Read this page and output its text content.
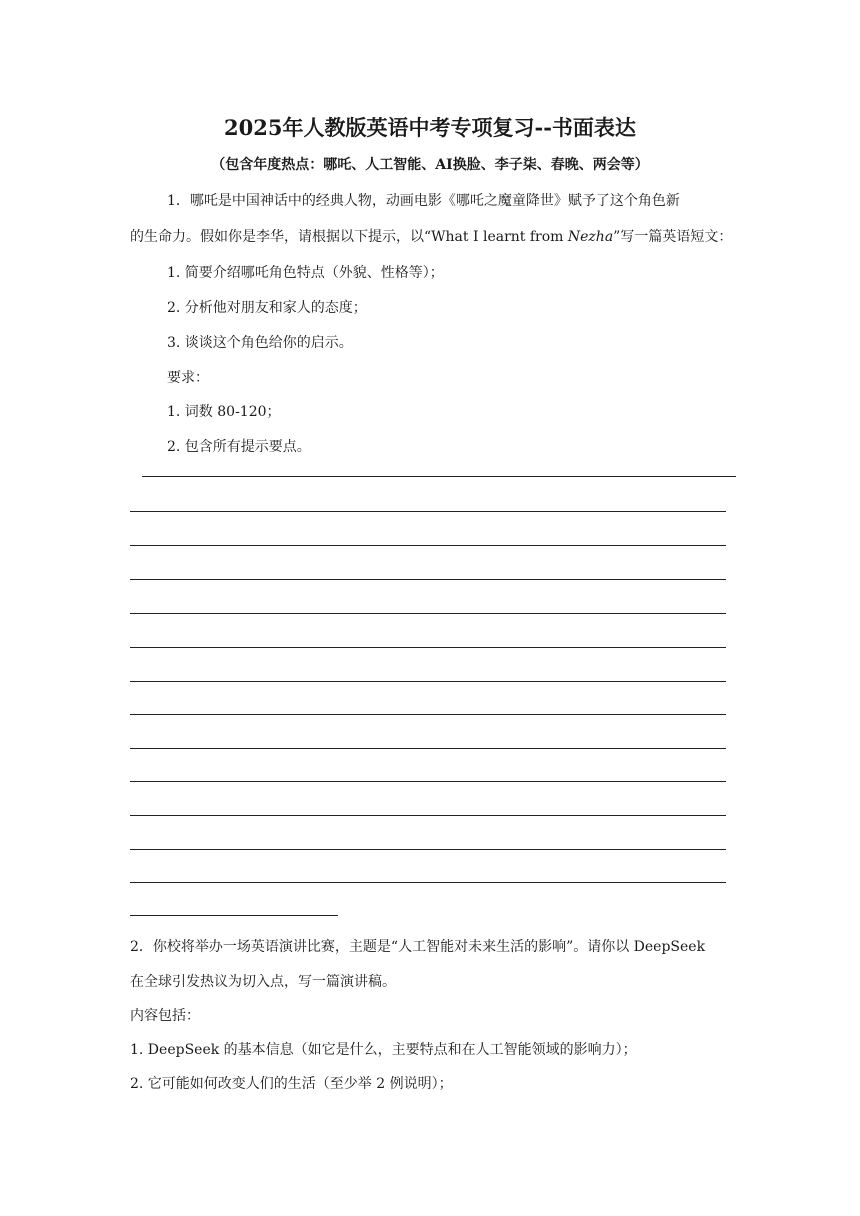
2025年人教版英语中考专项复习--书面表达

（包含年度热点：哪吒、人工智能、AI换脸、李子柒、春晚、两会等）

1．哪吒是中国神话中的经典人物，动画电影《哪吒之魔童降世》赋予了这个角色新

的生命力。假如你是李华，请根据以下提示，以“What I learnt from Nezha”写一篇英语短文：

1. 简要介绍哪吒角色特点（外貌、性格等）；

2. 分析他对朋友和家人的态度；

3. 谈谈这个角色给你的启示。

要求：

1. 词数 80-120；

2. 包含所有提示要点。

2．你校将举办一场英语演讲比赛，主题是“人工智能对未来生活的影响”。请你以 DeepSeek

在全球引发热议为切入点，写一篇演讲稿。

内容包括：

1. DeepSeek 的基本信息（如它是什么，主要特点和在人工智能领域的影响力）；

2. 它可能如何改变人们的生活（至少举 2 例说明）；
